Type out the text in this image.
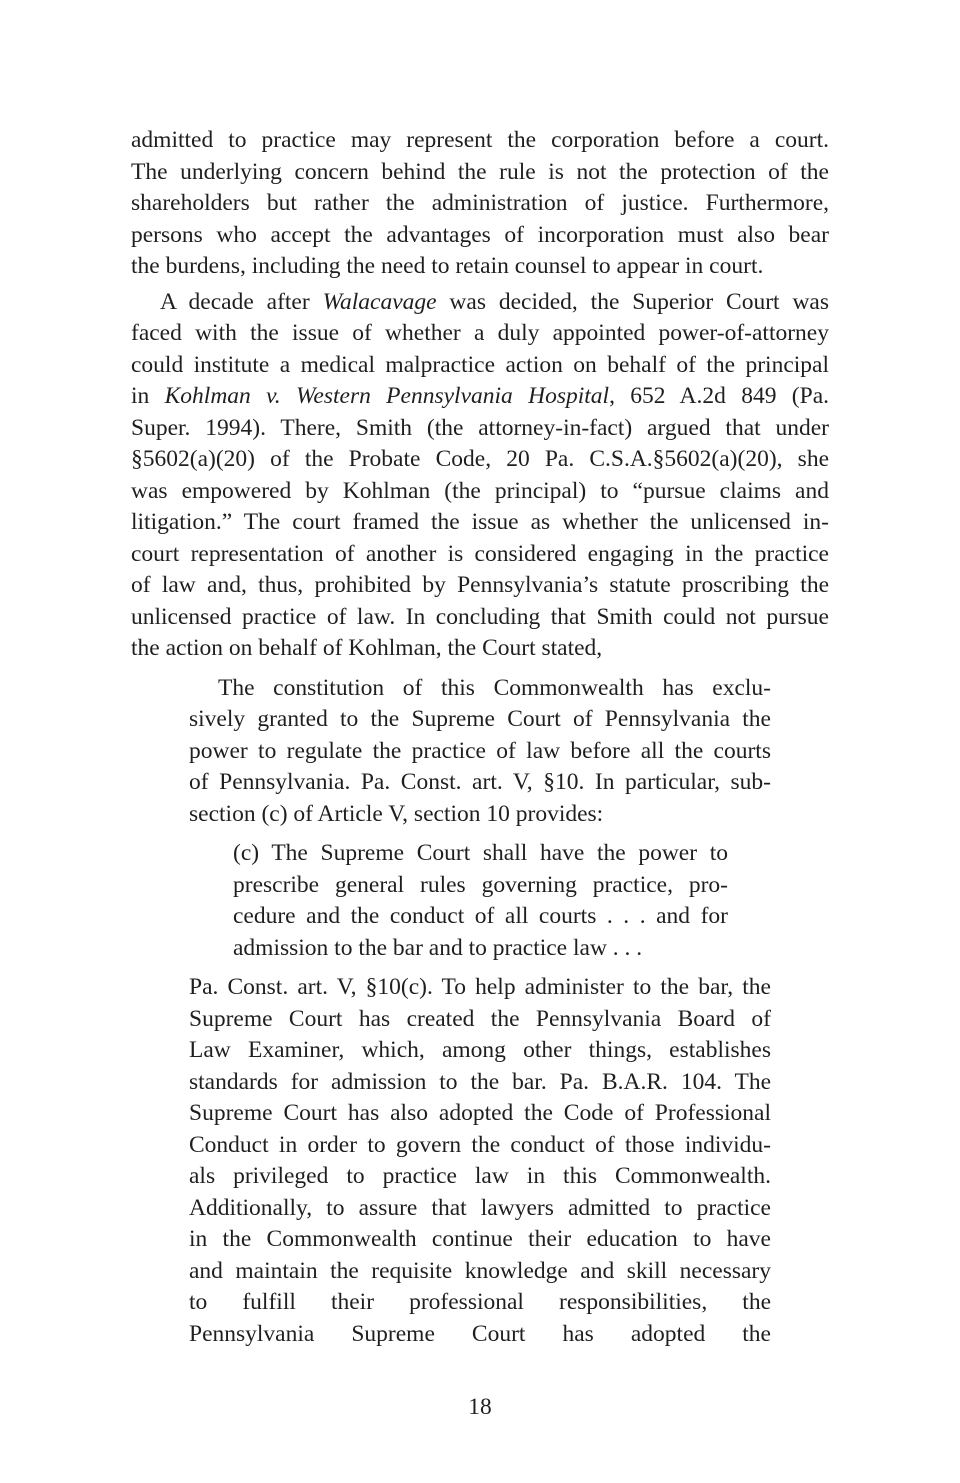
admitted to practice may represent the corporation before a court.
The underlying concern behind the rule is not the protection of the
shareholders but rather the administration of justice. Furthermore,
persons who accept the advantages of incorporation must also bear
the burdens, including the need to retain counsel to appear in court.
A decade after Walacavage was decided, the Superior Court was
faced with the issue of whether a duly appointed power-of-attorney
could institute a medical malpractice action on behalf of the principal
in Kohlman v. Western Pennsylvania Hospital, 652 A.2d 849 (Pa.
Super. 1994). There, Smith (the attorney-in-fact) argued that under
§5602(a)(20) of the Probate Code, 20 Pa. C.S.A.§5602(a)(20), she
was empowered by Kohlman (the principal) to “pursue claims and
litigation.” The court framed the issue as whether the unlicensed in-
court representation of another is considered engaging in the practice
of law and, thus, prohibited by Pennsylvania’s statute proscribing the
unlicensed practice of law. In concluding that Smith could not pursue
the action on behalf of Kohlman, the Court stated,
The constitution of this Commonwealth has exclu-
sively granted to the Supreme Court of Pennsylvania the
power to regulate the practice of law before all the courts
of Pennsylvania. Pa. Const. art. V, §10. In particular, sub-
section (c) of Article V, section 10 provides:
(c) The Supreme Court shall have the power to
prescribe general rules governing practice, pro-
cedure and the conduct of all courts . . . and for
admission to the bar and to practice law . . .
Pa. Const. art. V, §10(c). To help administer to the bar, the
Supreme Court has created the Pennsylvania Board of
Law Examiner, which, among other things, establishes
standards for admission to the bar. Pa. B.A.R. 104. The
Supreme Court has also adopted the Code of Professional
Conduct in order to govern the conduct of those individu-
als privileged to practice law in this Commonwealth.
Additionally, to assure that lawyers admitted to practice
in the Commonwealth continue their education to have
and maintain the requisite knowledge and skill necessary
to fulfill their professional responsibilities, the
Pennsylvania Supreme Court has adopted the
18
